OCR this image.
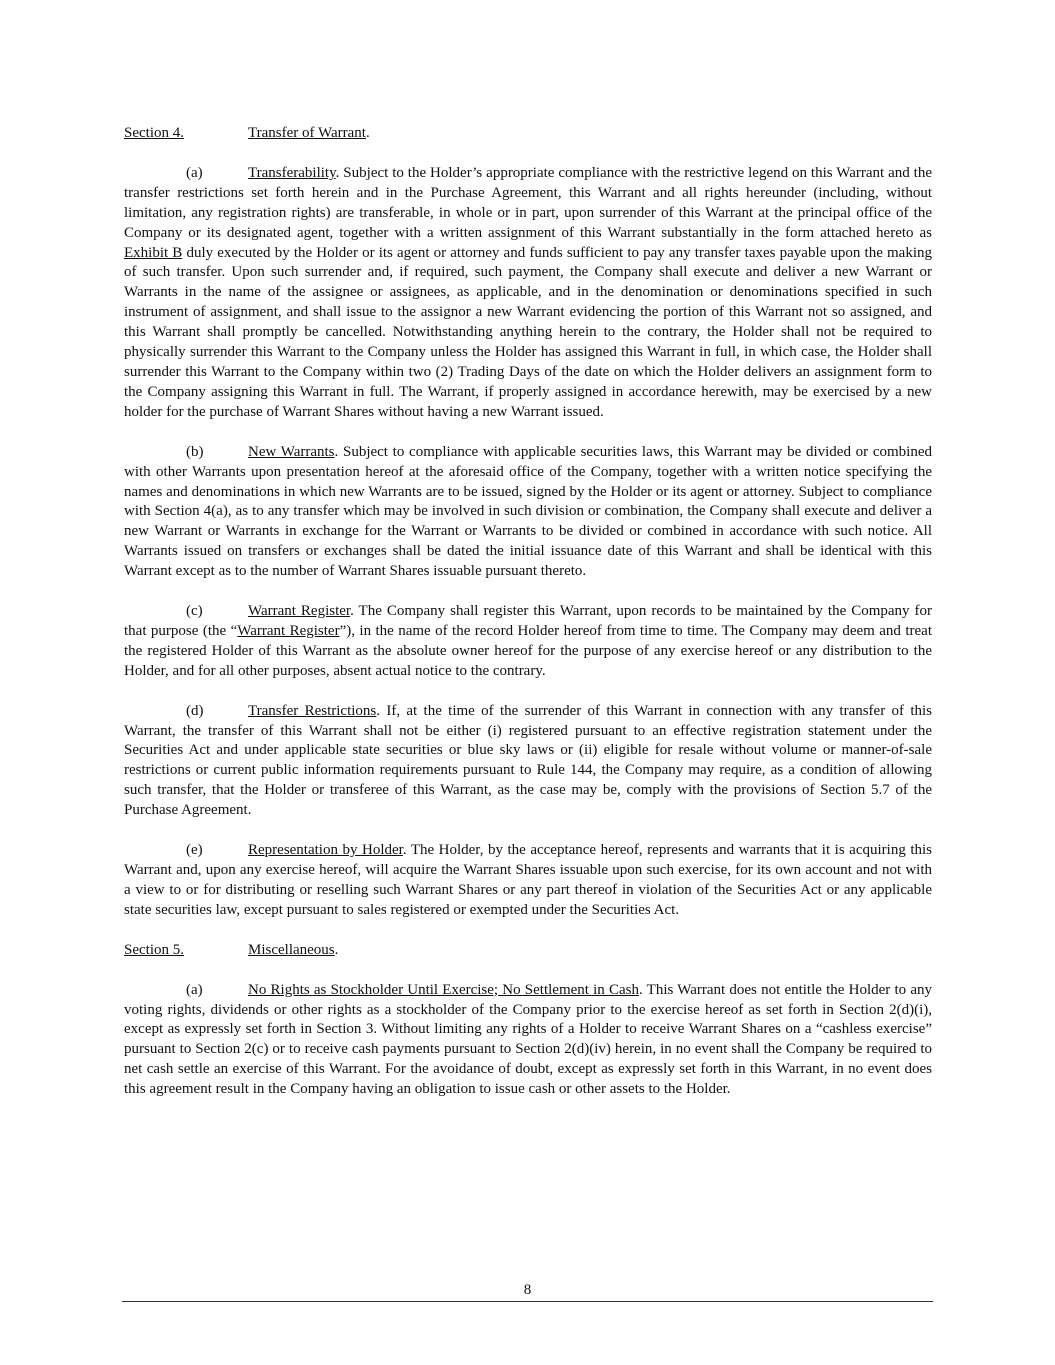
Section 4.	Transfer of Warrant.

(a)	Transferability. Subject to the Holder’s appropriate compliance with the restrictive legend on this Warrant and the transfer restrictions set forth herein and in the Purchase Agreement, this Warrant and all rights hereunder (including, without limitation, any registration rights) are transferable, in whole or in part, upon surrender of this Warrant at the principal office of the Company or its designated agent, together with a written assignment of this Warrant substantially in the form attached hereto as Exhibit B duly executed by the Holder or its agent or attorney and funds sufficient to pay any transfer taxes payable upon the making of such transfer. Upon such surrender and, if required, such payment, the Company shall execute and deliver a new Warrant or Warrants in the name of the assignee or assignees, as applicable, and in the denomination or denominations specified in such instrument of assignment, and shall issue to the assignor a new Warrant evidencing the portion of this Warrant not so assigned, and this Warrant shall promptly be cancelled. Notwithstanding anything herein to the contrary, the Holder shall not be required to physically surrender this Warrant to the Company unless the Holder has assigned this Warrant in full, in which case, the Holder shall surrender this Warrant to the Company within two (2) Trading Days of the date on which the Holder delivers an assignment form to the Company assigning this Warrant in full. The Warrant, if properly assigned in accordance herewith, may be exercised by a new holder for the purchase of Warrant Shares without having a new Warrant issued.

(b)	New Warrants. Subject to compliance with applicable securities laws, this Warrant may be divided or combined with other Warrants upon presentation hereof at the aforesaid office of the Company, together with a written notice specifying the names and denominations in which new Warrants are to be issued, signed by the Holder or its agent or attorney. Subject to compliance with Section 4(a), as to any transfer which may be involved in such division or combination, the Company shall execute and deliver a new Warrant or Warrants in exchange for the Warrant or Warrants to be divided or combined in accordance with such notice. All Warrants issued on transfers or exchanges shall be dated the initial issuance date of this Warrant and shall be identical with this Warrant except as to the number of Warrant Shares issuable pursuant thereto.

(c)	Warrant Register. The Company shall register this Warrant, upon records to be maintained by the Company for that purpose (the “Warrant Register”), in the name of the record Holder hereof from time to time. The Company may deem and treat the registered Holder of this Warrant as the absolute owner hereof for the purpose of any exercise hereof or any distribution to the Holder, and for all other purposes, absent actual notice to the contrary.

(d)	Transfer Restrictions. If, at the time of the surrender of this Warrant in connection with any transfer of this Warrant, the transfer of this Warrant shall not be either (i) registered pursuant to an effective registration statement under the Securities Act and under applicable state securities or blue sky laws or (ii) eligible for resale without volume or manner-of-sale restrictions or current public information requirements pursuant to Rule 144, the Company may require, as a condition of allowing such transfer, that the Holder or transferee of this Warrant, as the case may be, comply with the provisions of Section 5.7 of the Purchase Agreement.

(e)	Representation by Holder. The Holder, by the acceptance hereof, represents and warrants that it is acquiring this Warrant and, upon any exercise hereof, will acquire the Warrant Shares issuable upon such exercise, for its own account and not with a view to or for distributing or reselling such Warrant Shares or any part thereof in violation of the Securities Act or any applicable state securities law, except pursuant to sales registered or exempted under the Securities Act.

Section 5.	Miscellaneous.

(a)	No Rights as Stockholder Until Exercise; No Settlement in Cash. This Warrant does not entitle the Holder to any voting rights, dividends or other rights as a stockholder of the Company prior to the exercise hereof as set forth in Section 2(d)(i), except as expressly set forth in Section 3. Without limiting any rights of a Holder to receive Warrant Shares on a “cashless exercise” pursuant to Section 2(c) or to receive cash payments pursuant to Section 2(d)(iv) herein, in no event shall the Company be required to net cash settle an exercise of this Warrant. For the avoidance of doubt, except as expressly set forth in this Warrant, in no event does this agreement result in the Company having an obligation to issue cash or other assets to the Holder.

8
